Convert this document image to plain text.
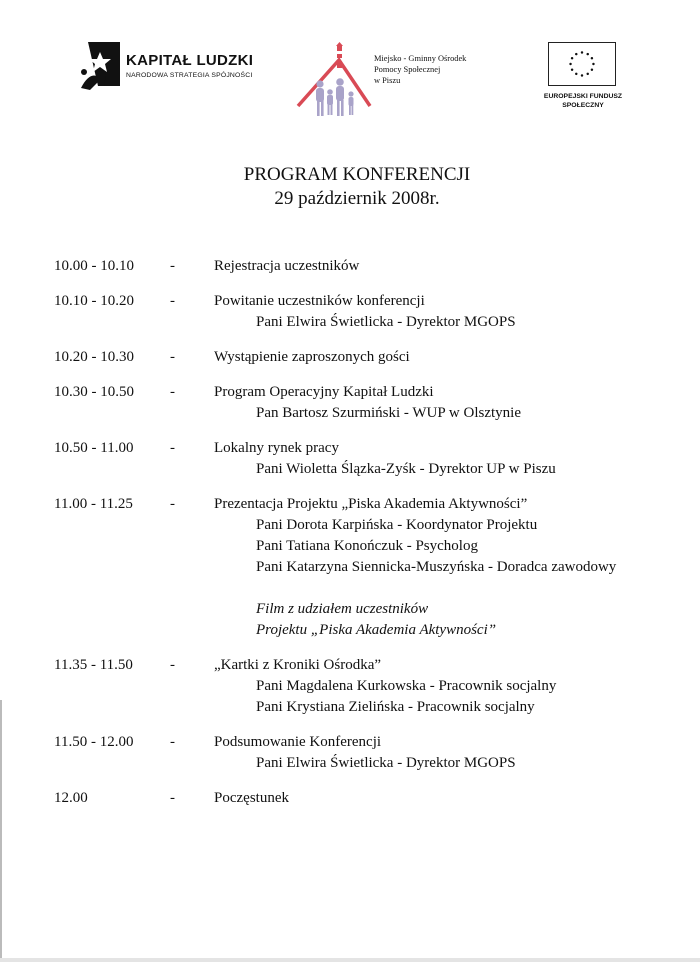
KAPITAŁ LUDZKI
NARODOWA STRATEGIA SPÓJNOŚCI
Miejsko - Gminny Ośrodek
Pomocy Społecznej
w Piszu
EUROPEJSKI FUNDUSZ
SPOŁECZNY
PROGRAM KONFERENCJI
29 październik 2008r.
10.00 - 10.10 -	Rejestracja uczestników
10.10 - 10.20 -	Powitanie uczestników konferencji
Pani Elwira Świetlicka - Dyrektor MGOPS
10.20 - 10.30 -	Wystąpienie zaproszonych gości
10.30 - 10.50 -	Program Operacyjny Kapitał Ludzki
Pan Bartosz Szurmiński - WUP w Olsztynie
10.50 - 11.00 -	Lokalny rynek pracy
Pani Wioletta Ślązka-Zyśk - Dyrektor UP w Piszu
11.00 - 11.25 -	Prezentacja Projektu „Piska Akademia Aktywności”
Pani Dorota Karpińska - Koordynator Projektu
Pani Tatiana Konończuk - Psycholog
Pani Katarzyna Siennicka-Muszyńska - Doradca zawodowy

Film z udziałem uczestników
Projektu „Piska Akademia Aktywności”
11.35 - 11.50 -	„Kartki z Kroniki Ośrodka”
Pani Magdalena Kurkowska - Pracownik socjalny
Pani Krystiana Zielińska - Pracownik socjalny
11.50 - 12.00 -	Podsumowanie Konferencji
Pani Elwira Świetlicka - Dyrektor MGOPS
12.00	-	Poczęstunek
